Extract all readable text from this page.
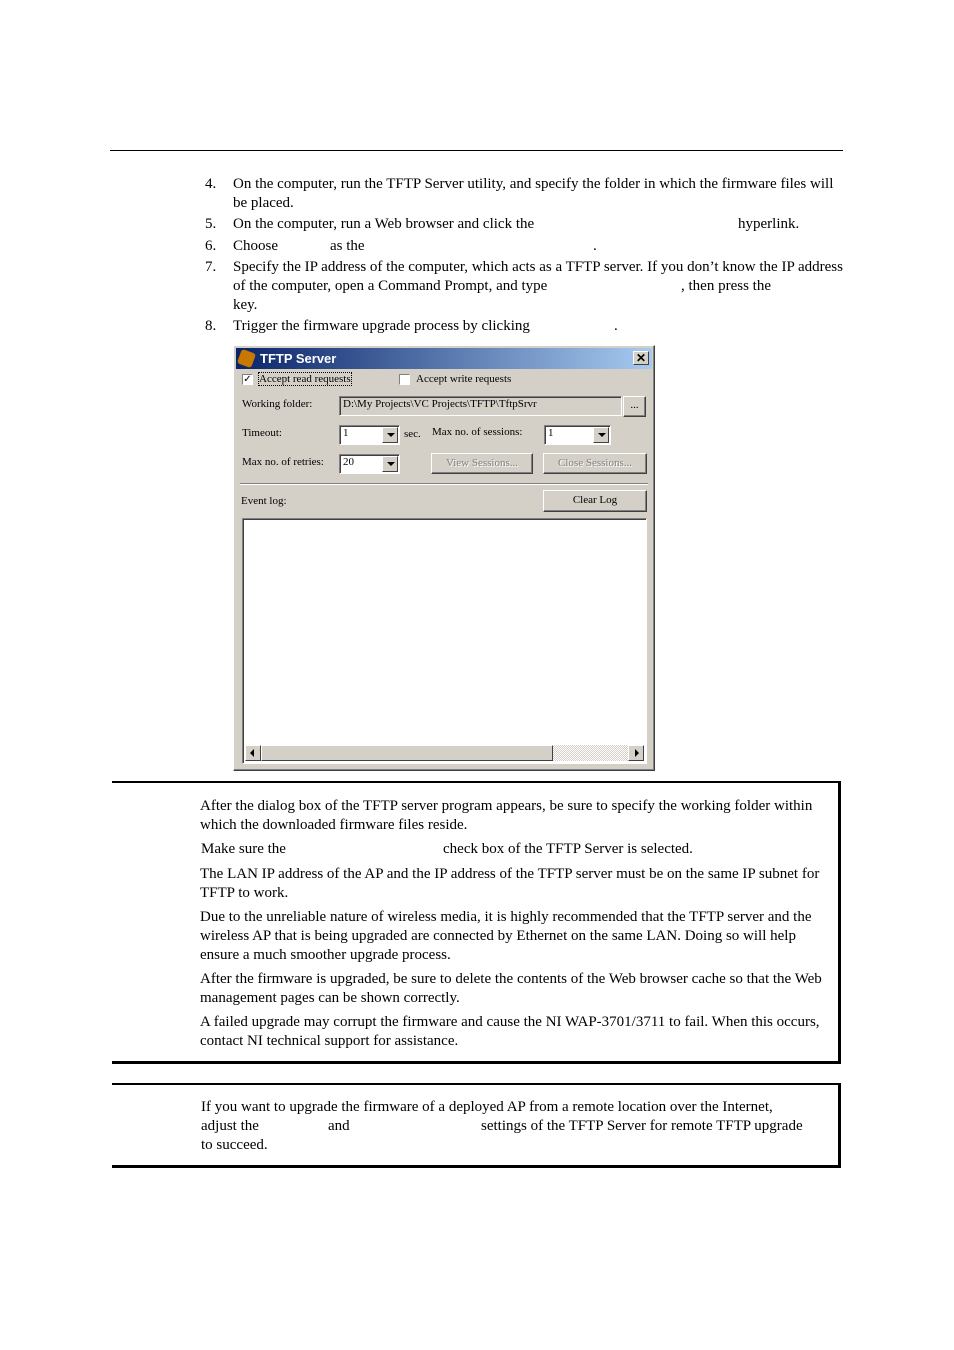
4. On the computer, run the TFTP Server utility, and specify the folder in which the firmware files will be placed.
5. On the computer, run a Web browser and click the	hyperlink.
6. Choose	as the	.
7. Specify the IP address of the computer, which acts as a TFTP server. If you don’t know the IP address of the computer, open a Command Prompt, and type	, then press the
key.
8. Trigger the firmware upgrade process by clicking	.
TFTP Server	✕
✓ Accept read requests	Accept write requests
Working folder:	D:\My Projects\VC Projects\TFTP\TftpSrvr	...
Timeout:	1	sec. Max no. of sessions:	1
Max no. of retries:	20	View Sessions...	Close Sessions...
Event log:	Clear Log
After the dialog box of the TFTP server program appears, be sure to specify the working folder within which the downloaded firmware files reside.
Make sure the	check box of the TFTP Server is selected.
The LAN IP address of the AP and the IP address of the TFTP server must be on the same IP subnet for TFTP to work.
Due to the unreliable nature of wireless media, it is highly recommended that the TFTP server and the wireless AP that is being upgraded are connected by Ethernet on the same LAN. Doing so will help ensure a much smoother upgrade process.
After the firmware is upgraded, be sure to delete the contents of the Web browser cache so that the Web management pages can be shown correctly.
A failed upgrade may corrupt the firmware and cause the NI WAP-3701/3711 to fail. When this occurs, contact NI technical support for assistance.
If you want to upgrade the firmware of a deployed AP from a remote location over the Internet,
adjust the	and	settings of the TFTP Server for remote TFTP upgrade
to succeed.
